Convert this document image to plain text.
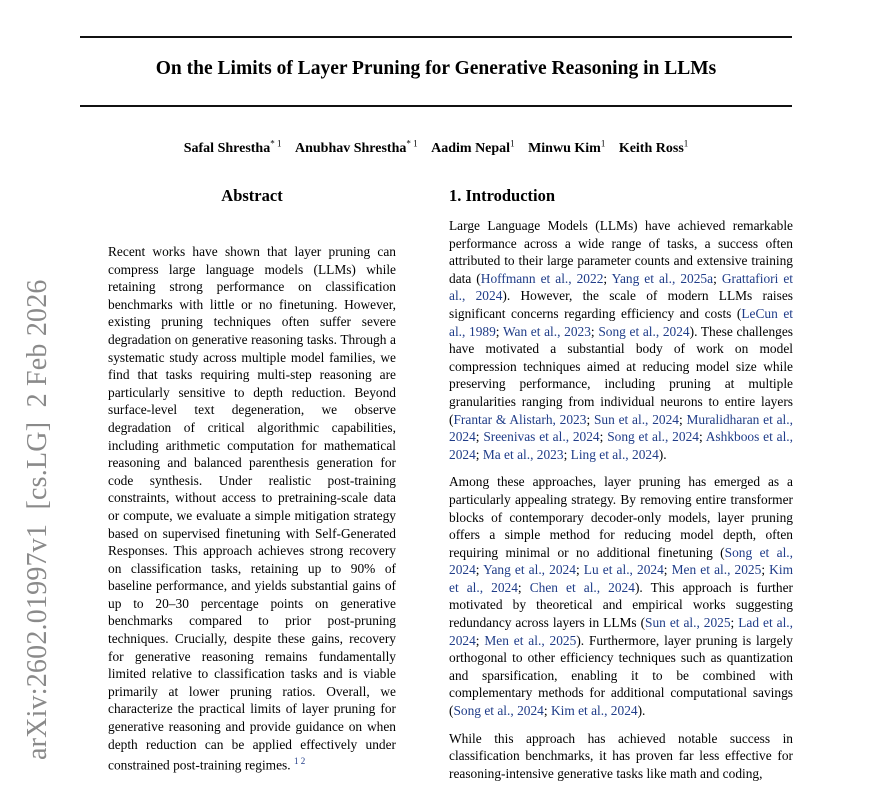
arXiv:2602.01997v1  [cs.LG]  2 Feb 2026
On the Limits of Layer Pruning for Generative Reasoning in LLMs
Safal Shrestha$^{* 1}$ Anubhav Shrestha$^{* 1}$ Aadim Nepal$^1$ Minwu Kim$^1$ Keith Ross$^1$
Abstract

Recent works have shown that layer pruning can compress large language models (LLMs) while retaining strong performance on classification benchmarks with little or no finetuning. However, existing pruning techniques often suffer severe degradation on generative reasoning tasks. Through a systematic study across multiple model families, we find that tasks requiring multi-step reasoning are particularly sensitive to depth reduction. Beyond surface-level text degeneration, we observe degradation of critical algorithmic capabilities, including arithmetic computation for mathematical reasoning and balanced parenthesis generation for code synthesis. Under realistic post-training constraints, without access to pretraining-scale data or compute, we evaluate a simple mitigation strategy based on supervised finetuning with Self-Generated Responses. This approach achieves strong recovery on classification tasks, retaining up to 90% of baseline performance, and yields substantial gains of up to 20–30 percentage points on generative benchmarks compared to prior post-pruning techniques. Crucially, despite these gains, recovery for generative reasoning remains fundamentally limited relative to classification tasks and is viable primarily at lower pruning ratios. Overall, we characterize the practical limits of layer pruning for generative reasoning and provide guidance on when depth reduction can be applied effectively under constrained post-training regimes. $^{1 2}$

1. Introduction

Large Language Models (LLMs) have achieved remarkable performance across a wide range of tasks, a success often attributed to their large parameter counts and extensive training data (Hoffmann et al., 2022; Yang et al., 2025a; Grattafiori et al., 2024). However, the scale of modern LLMs raises significant concerns regarding efficiency and costs (LeCun et al., 1989; Wan et al., 2023; Song et al., 2024). These challenges have motivated a substantial body of work on model compression techniques aimed at reducing model size while preserving performance, including pruning at multiple granularities ranging from individual neurons to entire layers (Frantar & Alistarh, 2023; Sun et al., 2024; Muralidharan et al., 2024; Sreenivas et al., 2024; Song et al., 2024; Ashkboos et al., 2024; Ma et al., 2023; Ling et al., 2024).

Among these approaches, layer pruning has emerged as a particularly appealing strategy. By removing entire transformer blocks of contemporary decoder-only models, layer pruning offers a simple method for reducing model depth, often requiring minimal or no additional finetuning (Song et al., 2024; Yang et al., 2024; Lu et al., 2024; Men et al., 2025; Kim et al., 2024; Chen et al., 2024). This approach is further motivated by theoretical and empirical works suggesting redundancy across layers in LLMs (Sun et al., 2025; Lad et al., 2024; Men et al., 2025). Furthermore, layer pruning is largely orthogonal to other efficiency techniques such as quantization and sparsification, enabling it to be combined with complementary methods for additional computational savings (Song et al., 2024; Kim et al., 2024).

While this approach has achieved notable success in classification benchmarks, it has proven far less effective for reasoning-intensive generative tasks like math and coding,
